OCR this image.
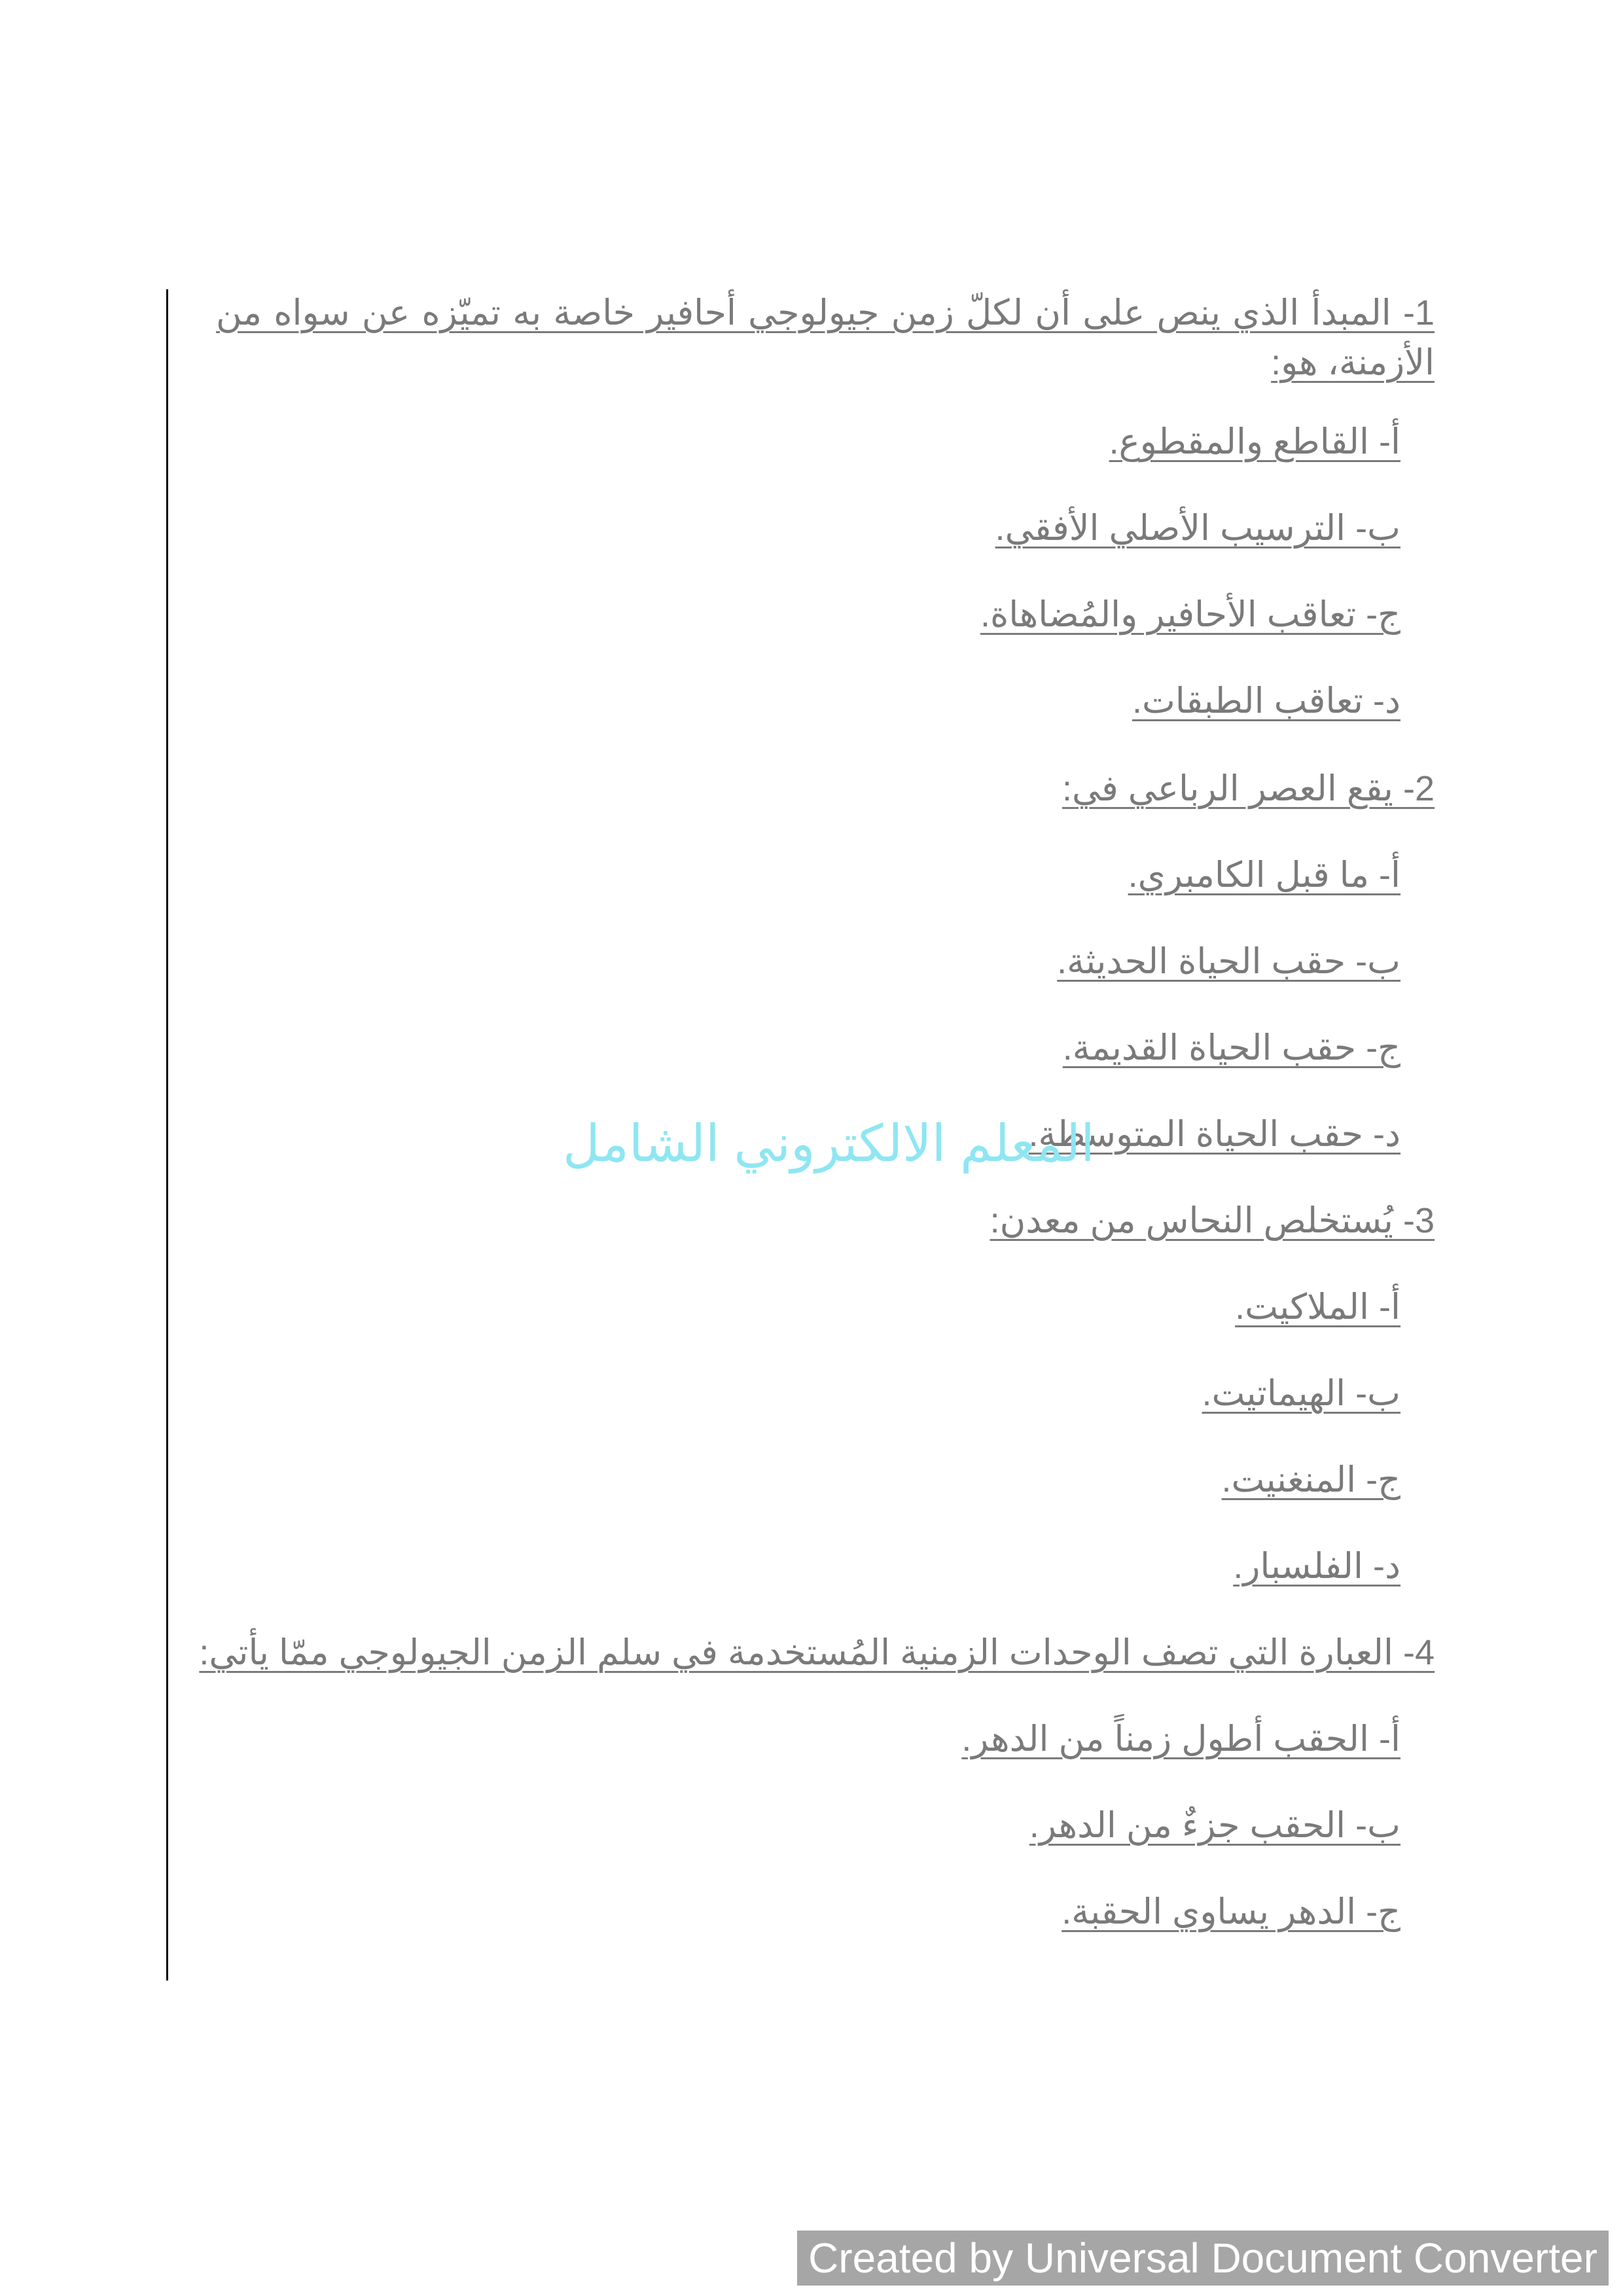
1- المبدأ الذي ينص على أن لكلّ زمن جيولوجي أحافير خاصة به تميّزه عن سواه من الأزمنة، هو:
أ- القاطع والمقطوع.
ب- الترسيب الأصلي الأفقي.
ج- تعاقب الأحافير والمُضاهاة.
د- تعاقب الطبقات.
2- يقع العصر الرباعي في:
أ- ما قبل الكامبري.
ب- حقب الحياة الحديثة.
ج- حقب الحياة القديمة.
د- حقب الحياة المتوسطة.
3- يُستخلص النحاس من معدن:
أ- الملاكيت.
ب- الهيماتيت.
ج- المنغنيت.
د- الفلسبار.
4- العبارة التي تصف الوحدات الزمنية المُستخدمة في سلم الزمن الجيولوجي ممّا يأتي:
أ- الحقب أطول زمناً من الدهر.
ب- الحقب جزءٌ من الدهر.
ج- الدهر يساوي الحقبة.
المعلم الالكتروني الشامل
Created by Universal Document Converter
